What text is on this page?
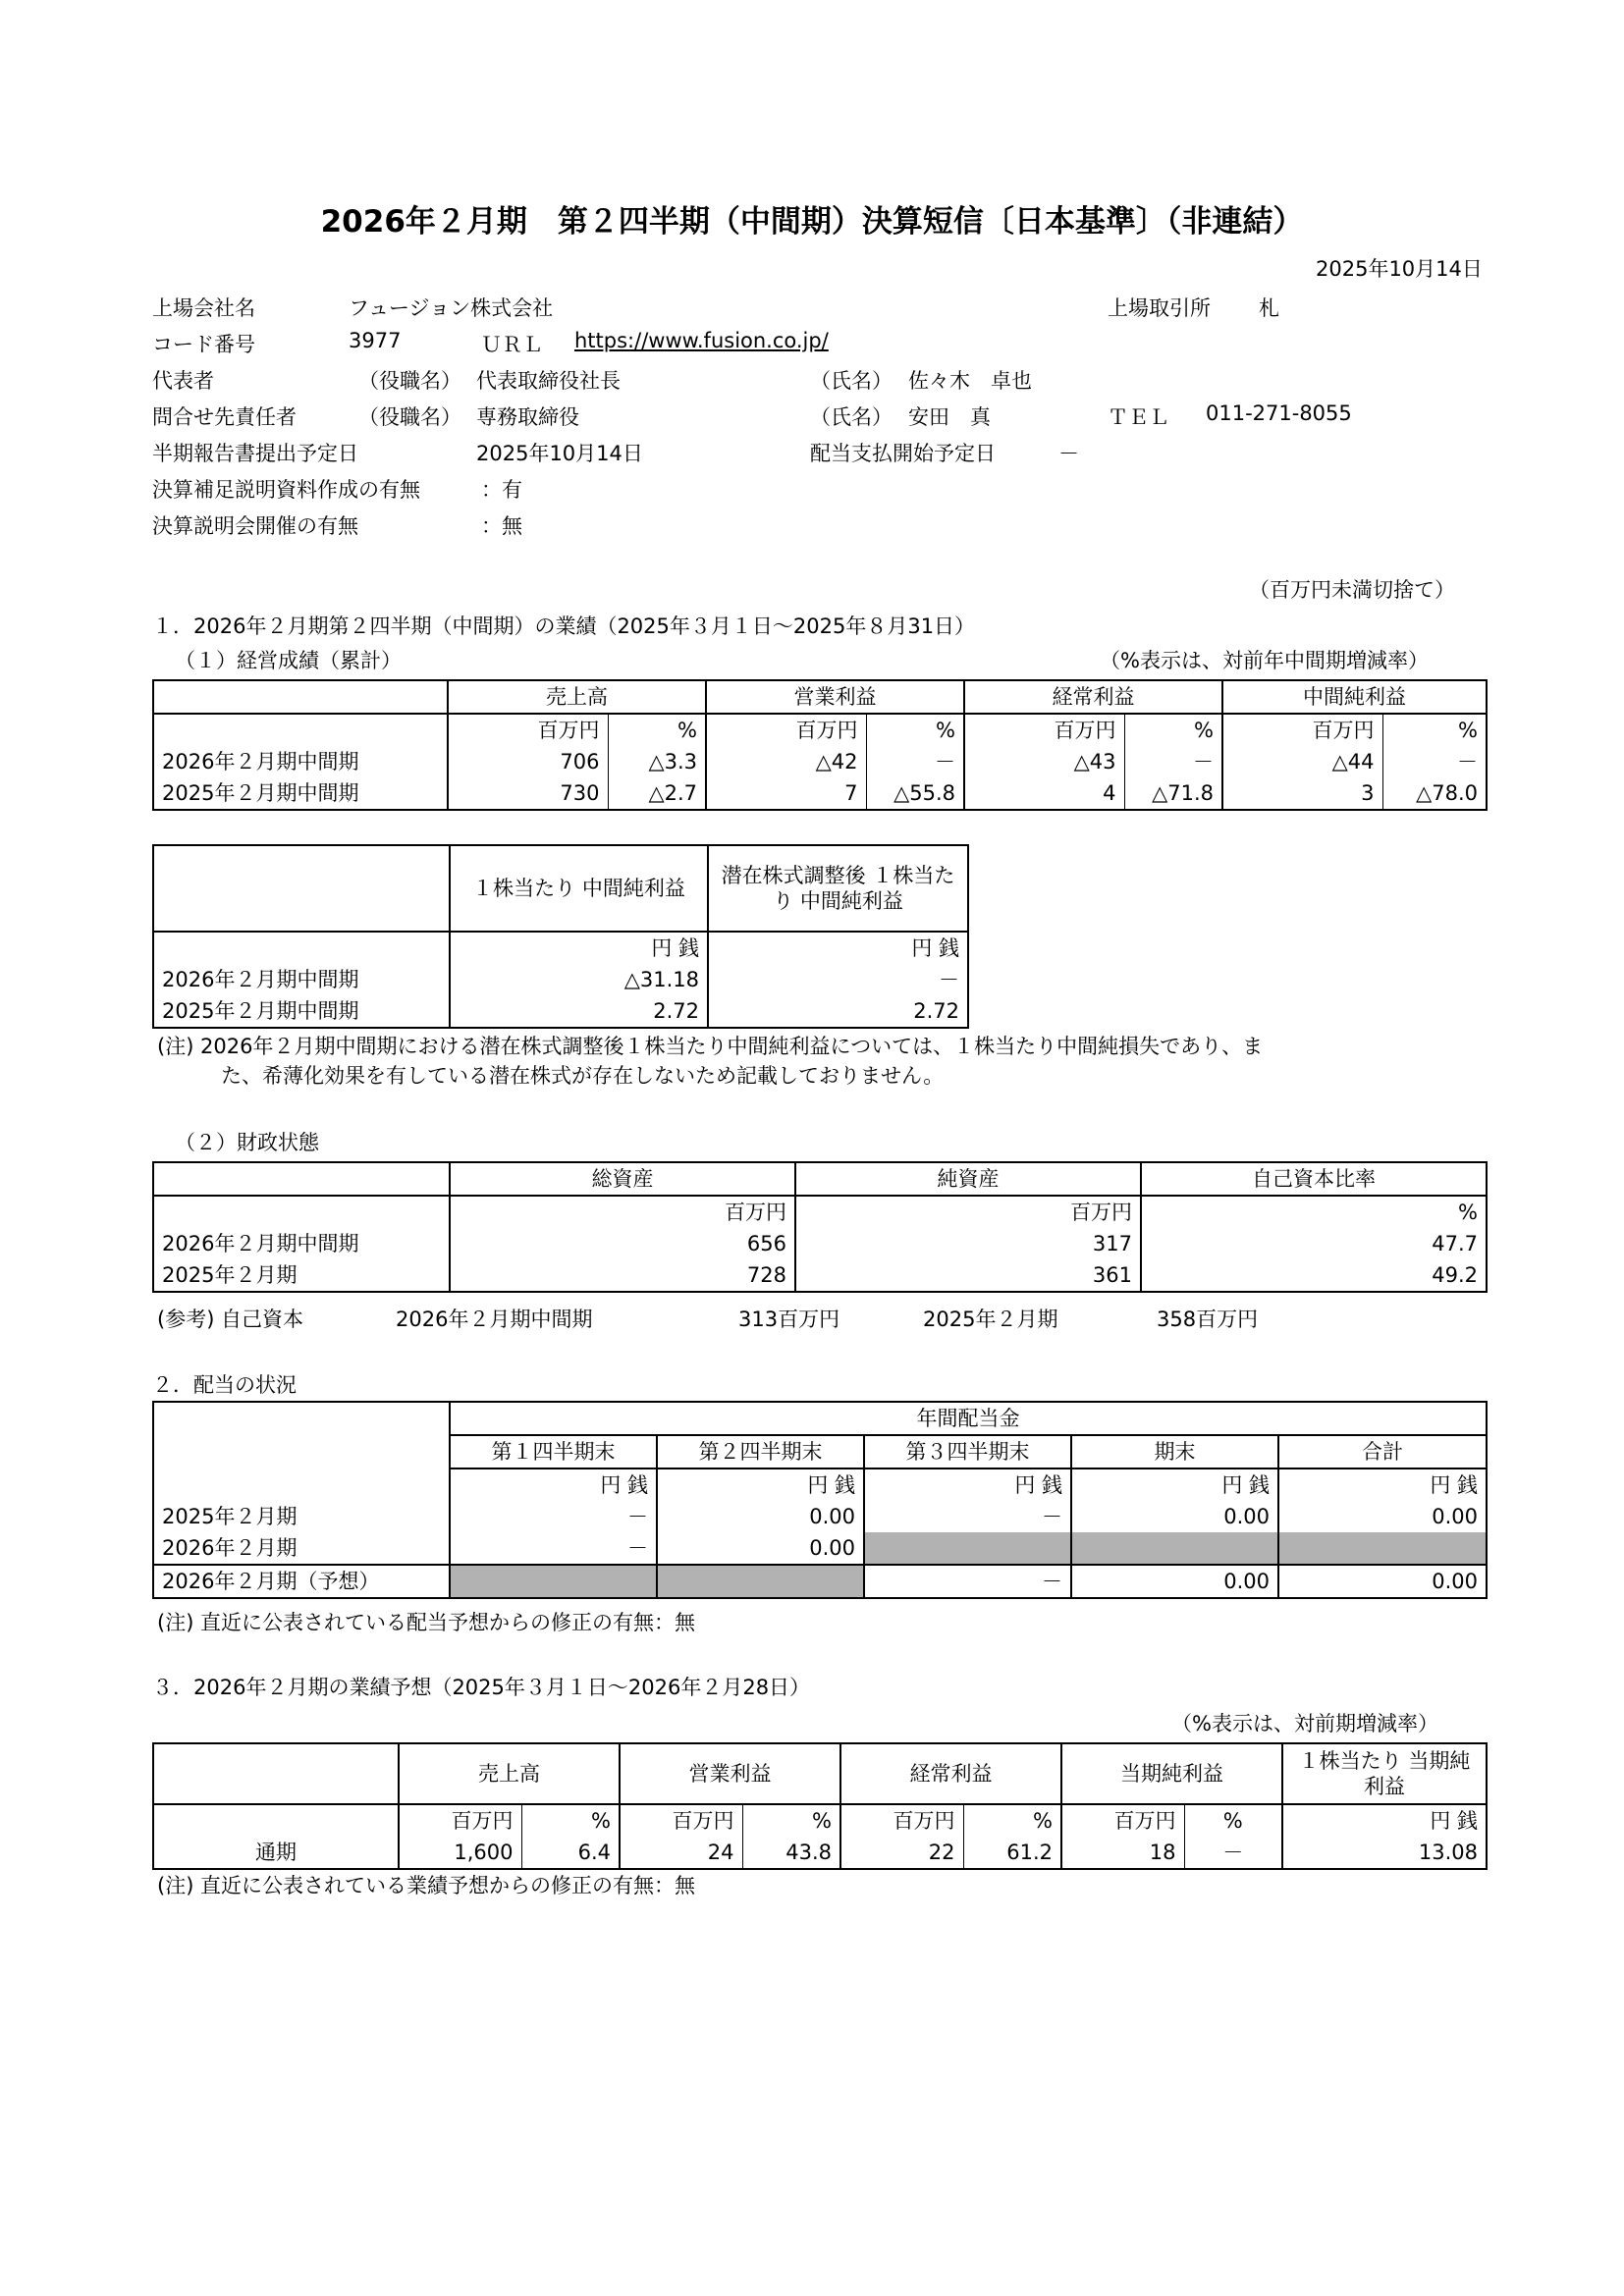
2026年２月期　第２四半期（中間期）決算短信〔日本基準〕（非連結）
2025年10月14日
上場会社名	フュージョン株式会社	上場取引所 札
コード番号	3977	ＵＲＬ https://www.fusion.co.jp/
代表者	（役職名） 代表取締役社長	（氏名） 佐々木　卓也
問合せ先責任者	（役職名） 専務取締役	（氏名） 安田　真	ＴＥＬ 011-271-8055
半期報告書提出予定日	2025年10月14日	配当支払開始予定日	－
決算補足説明資料作成の有無	：有
決算説明会開催の有無	：無
（百万円未満切捨て）
１．2026年２月期第２四半期（中間期）の業績（2025年３月１日～2025年８月31日）
（１）経営成績（累計）	（%表示は、対前年中間期増減率）
	売上高		営業利益		経常利益		中間純利益	
	百万円	%	百万円	%	百万円	%	百万円	%
2026年２月期中間期	706	△3.3	△42	－	△43	－	△44	－
2025年２月期中間期	730	△2.7	7	△55.8	4	△71.8	3	△78.0
	１株当たり 中間純利益	潜在株式調整後 １株当たり 中間純利益
	円 銭	円 銭
2026年２月期中間期	△31.18	－
2025年２月期中間期	2.72	2.72
(注) 2026年２月期中間期における潜在株式調整後１株当たり中間純利益については、１株当たり中間純損失であり、ま
た、希薄化効果を有している潜在株式が存在しないため記載しておりません。
（２）財政状態
	総資産	純資産	自己資本比率
	百万円	百万円	%
2026年２月期中間期	656	317	47.7
2025年２月期	728	361	49.2
(参考) 自己資本	2026年２月期中間期	313百万円	2025年２月期	358百万円
２．配当の状況
	年間配当金				
	第１四半期末	第２四半期末	第３四半期末	期末	合計
	円 銭	円 銭	円 銭	円 銭	円 銭
2025年２月期	－	0.00	－	0.00	0.00
2026年２月期	－	0.00			
2026年２月期（予想）			－	0.00	0.00
(注) 直近に公表されている配当予想からの修正の有無：無
３．2026年２月期の業績予想（2025年３月１日～2026年２月28日）
（%表示は、対前期増減率）
	売上高		営業利益		経常利益		当期純利益		１株当たり 当期純利益
	百万円	%	百万円	%	百万円	%	百万円	%	円 銭
通期	1,600	6.4	24	43.8	22	61.2	18	－	13.08
(注) 直近に公表されている業績予想からの修正の有無：無
